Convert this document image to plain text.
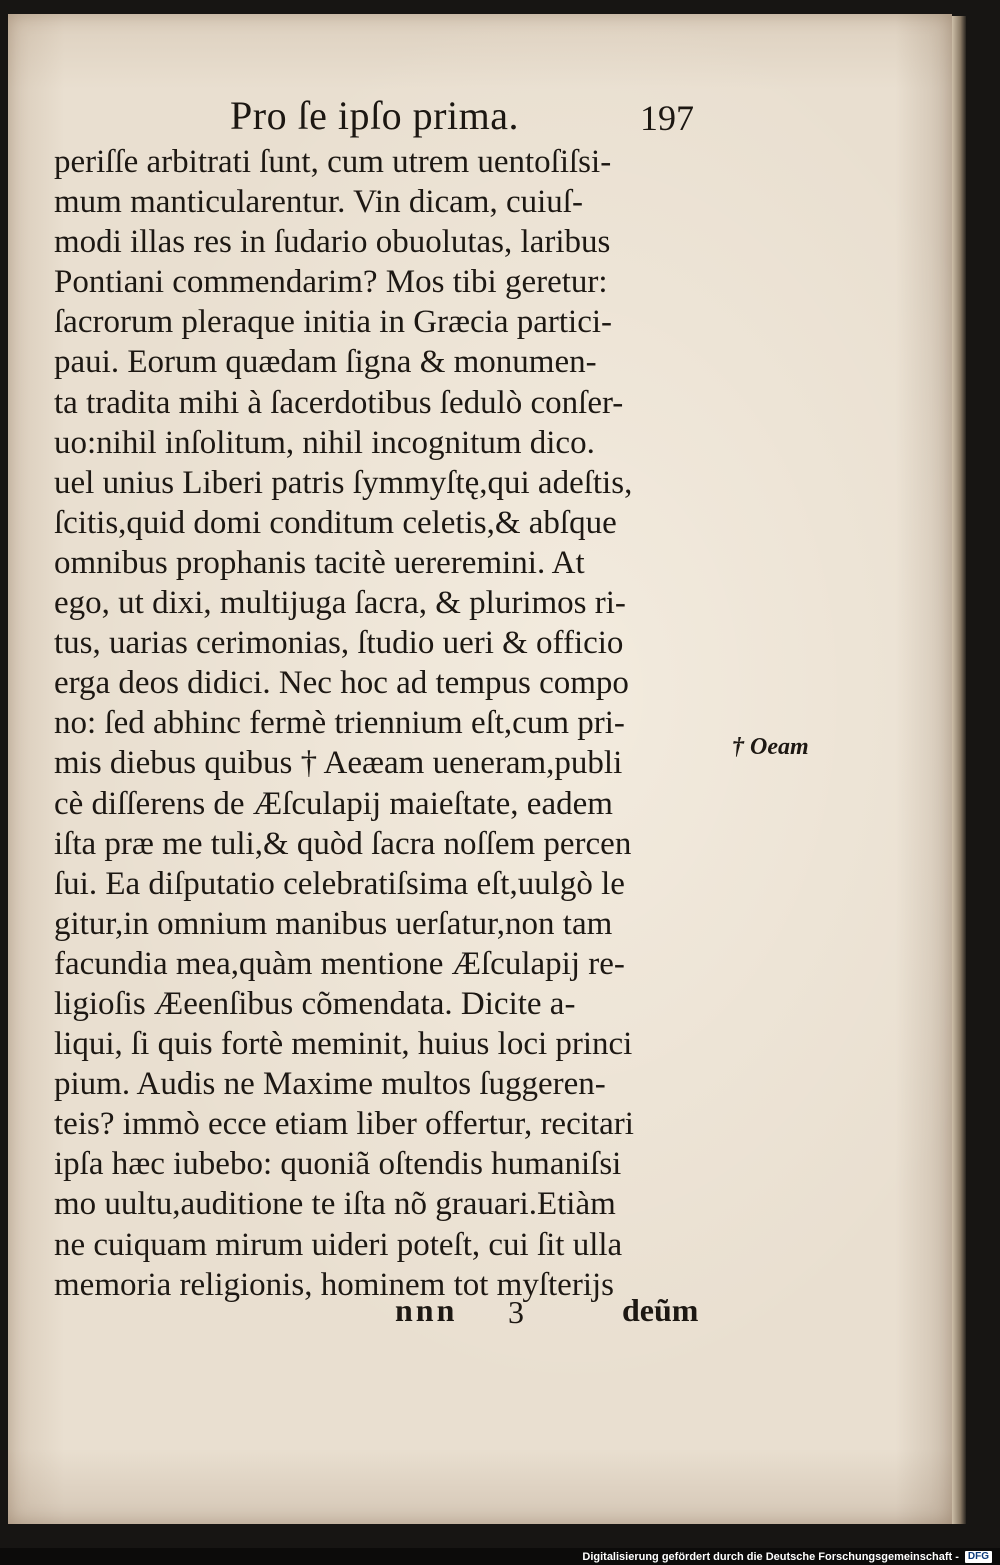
Pro ſe ipſo prima.	197
periſſe arbitrati ſunt, cum utrem uentoſiſsi-
mum manticularentur. Vin dicam, cuiuſ-
modi illas res in ſudario obuolutas, laribus
Pontiani commendarim? Mos tibi geretur:
ſacrorum pleraque initia in Græcia partici-
paui. Eorum quædam ſigna & monumen-
ta tradita mihi à ſacerdotibus ſedulò conſer-
uo:nihil inſolitum, nihil incognitum dico.
uel unius Liberi patris ſymmyſtę,qui adeſtis,
ſcitis,quid domi conditum celetis,& abſque
omnibus prophanis tacitè uereremini. At
ego, ut dixi, multijuga ſacra, & plurimos ri-
tus, uarias cerimonias, ſtudio ueri & officio
erga deos didici. Nec hoc ad tempus compo
no: ſed abhinc fermè triennium eſt,cum pri-
mis diebus quibus † Aeæam ueneram,publi
cè diſſerens de Æſculapij maieſtate, eadem
iſta præ me tuli,& quòd ſacra noſſem percen
ſui. Ea diſputatio celebratiſsima eſt,uulgò le
gitur,in omnium manibus uerſatur,non tam
facundia mea,quàm mentione Æſculapij re-
ligioſis Æeenſibus cõmendata. Dicite a-
liqui, ſi quis fortè meminit, huius loci princi
pium. Audis ne Maxime multos ſuggeren-
teis? immò ecce etiam liber offertur, recitari
ipſa hæc iubebo: quoniã oſtendis humaniſsi
mo uultu,auditione te iſta nõ grauari.Etiàm
ne cuiquam mirum uideri poteſt, cui ſit ulla
memoria religionis, hominem tot myſterijs
† Oeam
nnn 3	deũm
Digitalisierung gefördert durch die Deutsche Forschungsgemeinschaft - DFG
